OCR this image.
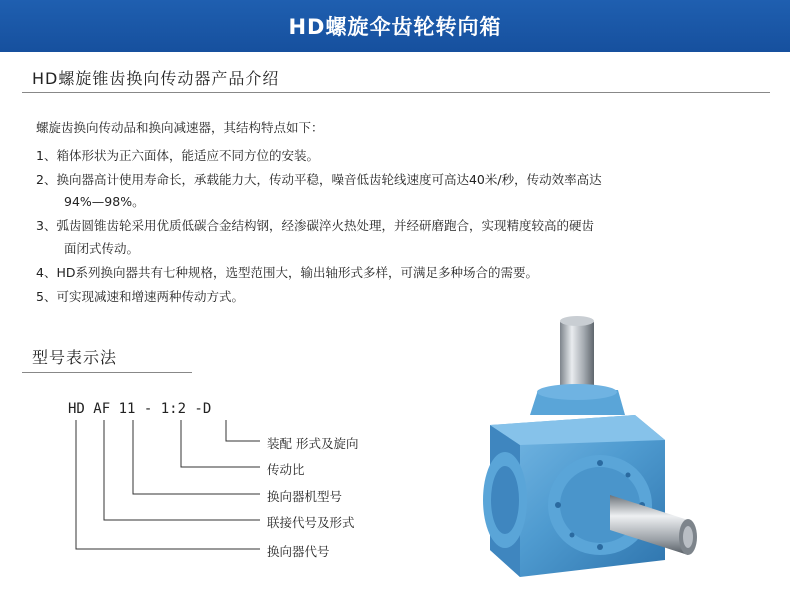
HD螺旋伞齿轮转向箱
HD螺旋锥齿换向传动器产品介绍
螺旋齿换向传动品和换向减速器，其结构特点如下：
1、箱体形状为正六面体，能适应不同方位的安装。
2、换向器高计使用寿命长，承载能力大，传动平稳，噪音低齿轮线速度可高达40米/秒，传动效率高达
94%—98%。
3、弧齿圆锥齿轮采用优质低碳合金结构钢，经渗碳淬火热处理，并经研磨跑合，实现精度较高的硬齿
面闭式传动。
4、HD系列换向器共有七种规格，选型范围大，输出轴形式多样，可满足多种场合的需要。
5、可实现减速和增速两种传动方式。
型号表示法
HD AF 11 - 1:2 -D
装配 形式及旋向
传动比
换向器机型号
联接代号及形式
换向器代号
